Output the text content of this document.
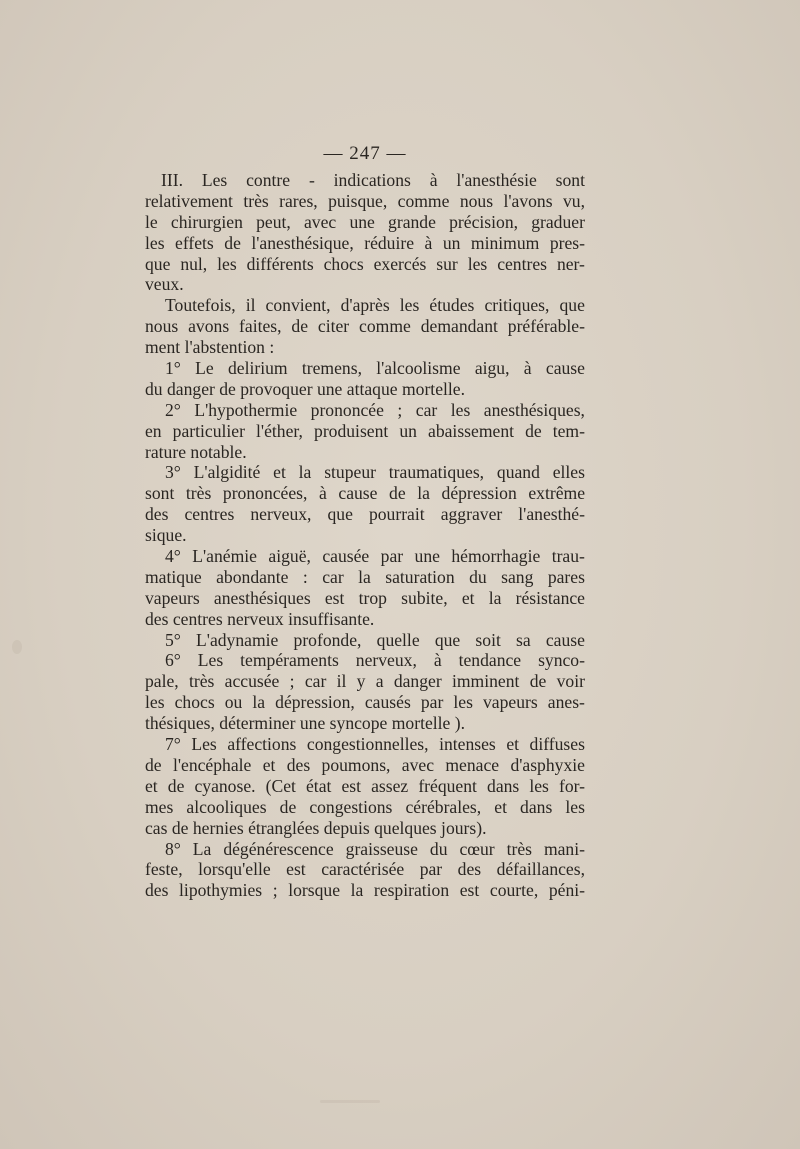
— 247 —
III. Les contre - indications à l'anesthésie sont
relativement très rares, puisque, comme nous l'avons vu,
le chirurgien peut, avec une grande précision, graduer
les effets de l'anesthésique, réduire à un minimum pres-
que nul, les différents chocs exercés sur les centres ner-
veux.
Toutefois, il convient, d'après les études critiques, que
nous avons faites, de citer comme demandant préférable-
ment l'abstention :
1° Le delirium tremens, l'alcoolisme aigu, à cause
du danger de provoquer une attaque mortelle.
2° L'hypothermie prononcée ; car les anesthésiques,
en particulier l'éther, produisent un abaissement de tem-
rature notable.
3° L'algidité et la stupeur traumatiques, quand elles
sont très prononcées, à cause de la dépression extrême
des centres nerveux, que pourrait aggraver l'anesthé-
sique.
4° L'anémie aiguë, causée par une hémorrhagie trau-
matique abondante : car la saturation du sang pares
vapeurs anesthésiques est trop subite, et la résistance
des centres nerveux insuffisante.
5° L'adynamie profonde, quelle que soit sa cause
6° Les tempéraments nerveux, à tendance synco-
pale, très accusée ; car il y a danger imminent de voir
les chocs ou la dépression, causés par les vapeurs anes-
thésiques, déterminer une syncope mortelle ).
7° Les affections congestionnelles, intenses et diffuses
de l'encéphale et des poumons, avec menace d'asphyxie
et de cyanose. (Cet état est assez fréquent dans les for-
mes alcooliques de congestions cérébrales, et dans les
cas de hernies étranglées depuis quelques jours).
8° La dégénérescence graisseuse du cœur très mani-
feste, lorsqu'elle est caractérisée par des défaillances,
des lipothymies ; lorsque la respiration est courte, péni-
